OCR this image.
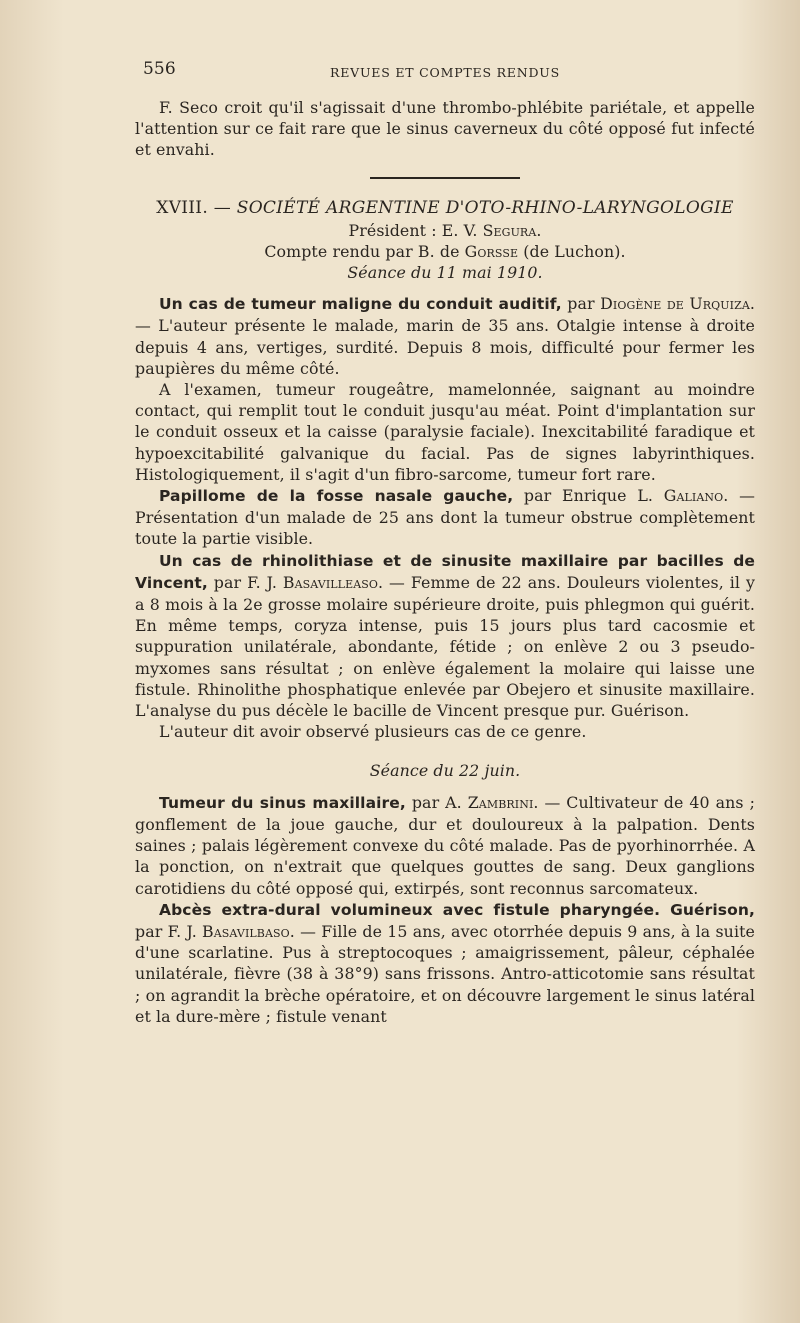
556	REVUES ET COMPTES RENDUS

F. Seco croit qu'il s'agissait d'une thrombo-phlébite pariétale, et appelle l'attention sur ce fait rare que le sinus caverneux du côté opposé fut infecté et envahi.

XVIII. — SOCIÉTÉ ARGENTINE D'OTO-RHINO-LARYNGOLOGIE

Président : E. V. Segura.

Compte rendu par B. de Gorsse (de Luchon).

Séance du 11 mai 1910.

Un cas de tumeur maligne du conduit auditif, par Diogène de Urquiza. — L'auteur présente le malade, marin de 35 ans. Otalgie intense à droite depuis 4 ans, vertiges, surdité. Depuis 8 mois, difficulté pour fermer les paupières du même côté.

A l'examen, tumeur rougeâtre, mamelonnée, saignant au moindre contact, qui remplit tout le conduit jusqu'au méat. Point d'implantation sur le conduit osseux et la caisse (paralysie faciale). Inexcitabilité faradique et hypoexcitabilité galvanique du facial. Pas de signes labyrinthiques. Histologiquement, il s'agit d'un fibro-sarcome, tumeur fort rare.

Papillome de la fosse nasale gauche, par Enrique L. Galiano. — Présentation d'un malade de 25 ans dont la tumeur obstrue complètement toute la partie visible.

Un cas de rhinolithiase et de sinusite maxillaire par bacilles de Vincent, par F. J. Basavilleaso. — Femme de 22 ans. Douleurs violentes, il y a 8 mois à la 2e grosse molaire supérieure droite, puis phlegmon qui guérit. En même temps, coryza intense, puis 15 jours plus tard cacosmie et suppuration unilatérale, abondante, fétide ; on enlève 2 ou 3 pseudo-myxomes sans résultat ; on enlève également la molaire qui laisse une fistule. Rhinolithe phosphatique enlevée par Obejero et sinusite maxillaire. L'analyse du pus décèle le bacille de Vincent presque pur. Guérison.

L'auteur dit avoir observé plusieurs cas de ce genre.

Séance du 22 juin.

Tumeur du sinus maxillaire, par A. Zambrini. — Cultivateur de 40 ans ; gonflement de la joue gauche, dur et douloureux à la palpation. Dents saines ; palais légèrement convexe du côté malade. Pas de pyorhinorrhée. A la ponction, on n'extrait que quelques gouttes de sang. Deux ganglions carotidiens du côté opposé qui, extirpés, sont reconnus sarcomateux.

Abcès extra-dural volumineux avec fistule pharyngée. Guérison, par F. J. Basavilbaso. — Fille de 15 ans, avec otorrhée depuis 9 ans, à la suite d'une scarlatine. Pus à streptocoques ; amaigrissement, pâleur, céphalée unilatérale, fièvre (38 à 38°9) sans frissons. Antro-atticotomie sans résultat ; on agrandit la brèche opératoire, et on découvre largement le sinus latéral et la dure-mère ; fistule venant
